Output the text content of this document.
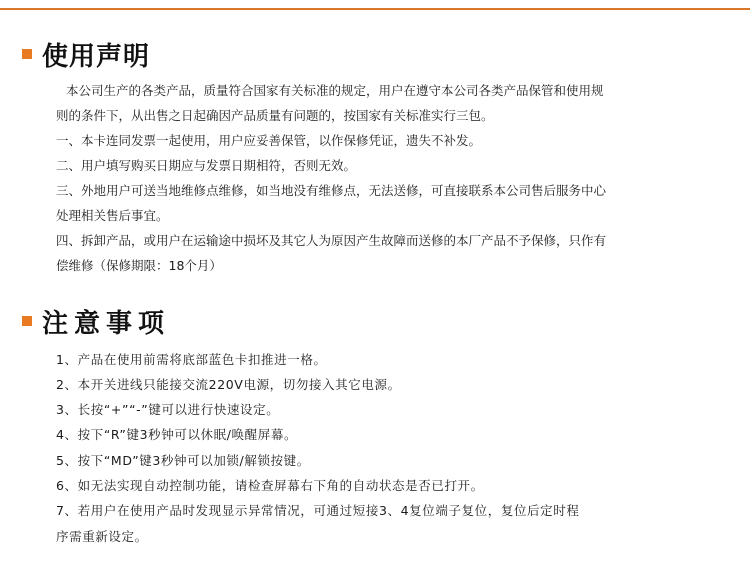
使用声明
本公司生产的各类产品，质量符合国家有关标准的规定，用户在遵守本公司各类产品保管和使用规
则的条件下，从出售之日起确因产品质量有问题的，按国家有关标准实行三包。
一、本卡连同发票一起使用，用户应妥善保管，以作保修凭证，遗失不补发。
二、用户填写购买日期应与发票日期相符，否则无效。
三、外地用户可送当地维修点维修，如当地没有维修点，无法送修，可直接联系本公司售后服务中心
处理相关售后事宜。
四、拆卸产品，或用户在运输途中损坏及其它人为原因产生故障而送修的本厂产品不予保修，只作有
偿维修（保修期限：18个月）
注意事项
1、产品在使用前需将底部蓝色卡扣推进一格。
2、本开关进线只能接交流220V电源，切勿接入其它电源。
3、长按“+”“-”键可以进行快速设定。
4、按下“R”键3秒钟可以休眠/唤醒屏幕。
5、按下“MD”键3秒钟可以加锁/解锁按键。
6、如无法实现自动控制功能，请检查屏幕右下角的自动状态是否已打开。
7、若用户在使用产品时发现显示异常情况，可通过短接3、4复位端子复位，复位后定时程
序需重新设定。
